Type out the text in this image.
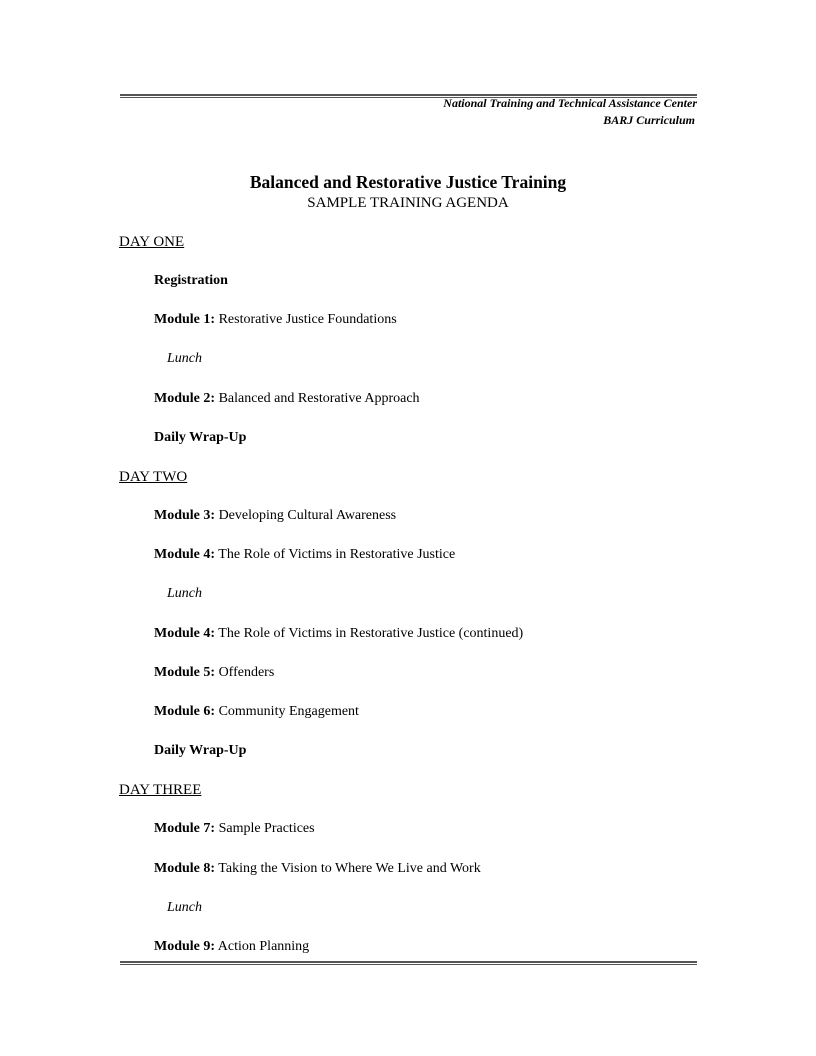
National Training and Technical Assistance Center
BARJ Curriculum
Balanced and Restorative Justice Training
SAMPLE TRAINING AGENDA
DAY ONE
Registration
Module 1: Restorative Justice Foundations
Lunch
Module 2: Balanced and Restorative Approach
Daily Wrap-Up
DAY TWO
Module 3: Developing Cultural Awareness
Module 4: The Role of Victims in Restorative Justice
Lunch
Module 4: The Role of Victims in Restorative Justice (continued)
Module 5: Offenders
Module 6: Community Engagement
Daily Wrap-Up
DAY THREE
Module 7: Sample Practices
Module 8: Taking the Vision to Where We Live and Work
Lunch
Module 9: Action Planning
